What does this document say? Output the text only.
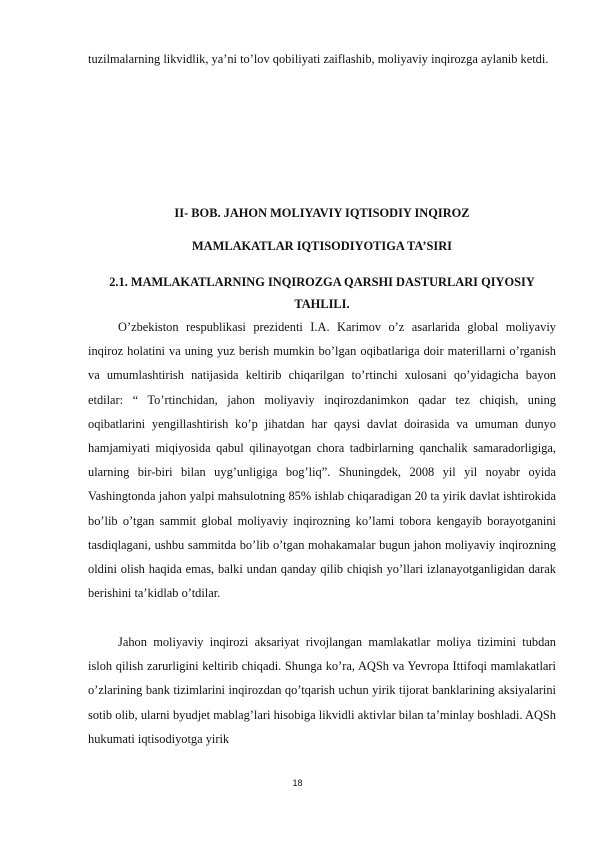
tuzilmalarning likvidlik, ya’ni to’lov qobiliyati zaiflashib, moliyaviy inqirozga aylanib ketdi.

II- BOB. JAHON MOLIYAVIY IQTISODIY INQIROZ

MAMLAKATLAR IQTISODIYOTIGA TA’SIRI

2.1. MAMLAKATLARNING INQIROZGA QARSHI DASTURLARI QIYOSIY TAHLILI.

O’zbekiston respublikasi prezidenti I.A. Karimov o’z asarlarida global moliyaviy inqiroz holatini va uning yuz berish mumkin bo’lgan oqibatlariga doir materillarni o’rganish va umumlashtirish natijasida keltirib chiqarilgan to’rtinchi xulosani qo’yidagicha bayon etdilar: “ To’rtinchidan, jahon moliyaviy inqirozdanimkon qadar tez chiqish, uning oqibatlarini yengillashtirish ko’p jihatdan har qaysi davlat doirasida va umuman dunyo hamjamiyati miqiyosida qabul qilinayotgan chora tadbirlarning qanchalik samaradorligiga, ularning bir-biri bilan uyg’unligiga bog’liq”. Shuningdek, 2008 yil yil noyabr oyida Vashingtonda jahon yalpi mahsulotning 85% ishlab chiqaradigan 20 ta yirik davlat ishtirokida bo’lib o’tgan sammit global moliyaviy inqirozning ko’lami tobora kengayib borayotganini tasdiqlagani, ushbu sammitda bo’lib o’tgan mohakamalar bugun jahon moliyaviy inqirozning oldini olish haqida emas, balki undan qanday qilib chiqish yo’llari izlanayotganligidan darak berishini ta’kidlab o’tdilar.

Jahon moliyaviy inqirozi aksariyat rivojlangan mamlakatlar moliya tizimini tubdan isloh qilish zarurligini keltirib chiqadi. Shunga ko’ra, AQSh va Yevropa Ittifoqi mamlakatlari o’zlarining bank tizimlarini inqirozdan qo’tqarish uchun yirik tijorat banklarining aksiyalarini sotib olib, ularni byudjet mablag’lari hisobiga likvidli aktivlar bilan ta’minlay boshladi. AQSh hukumati iqtisodiyotga yirik

18
